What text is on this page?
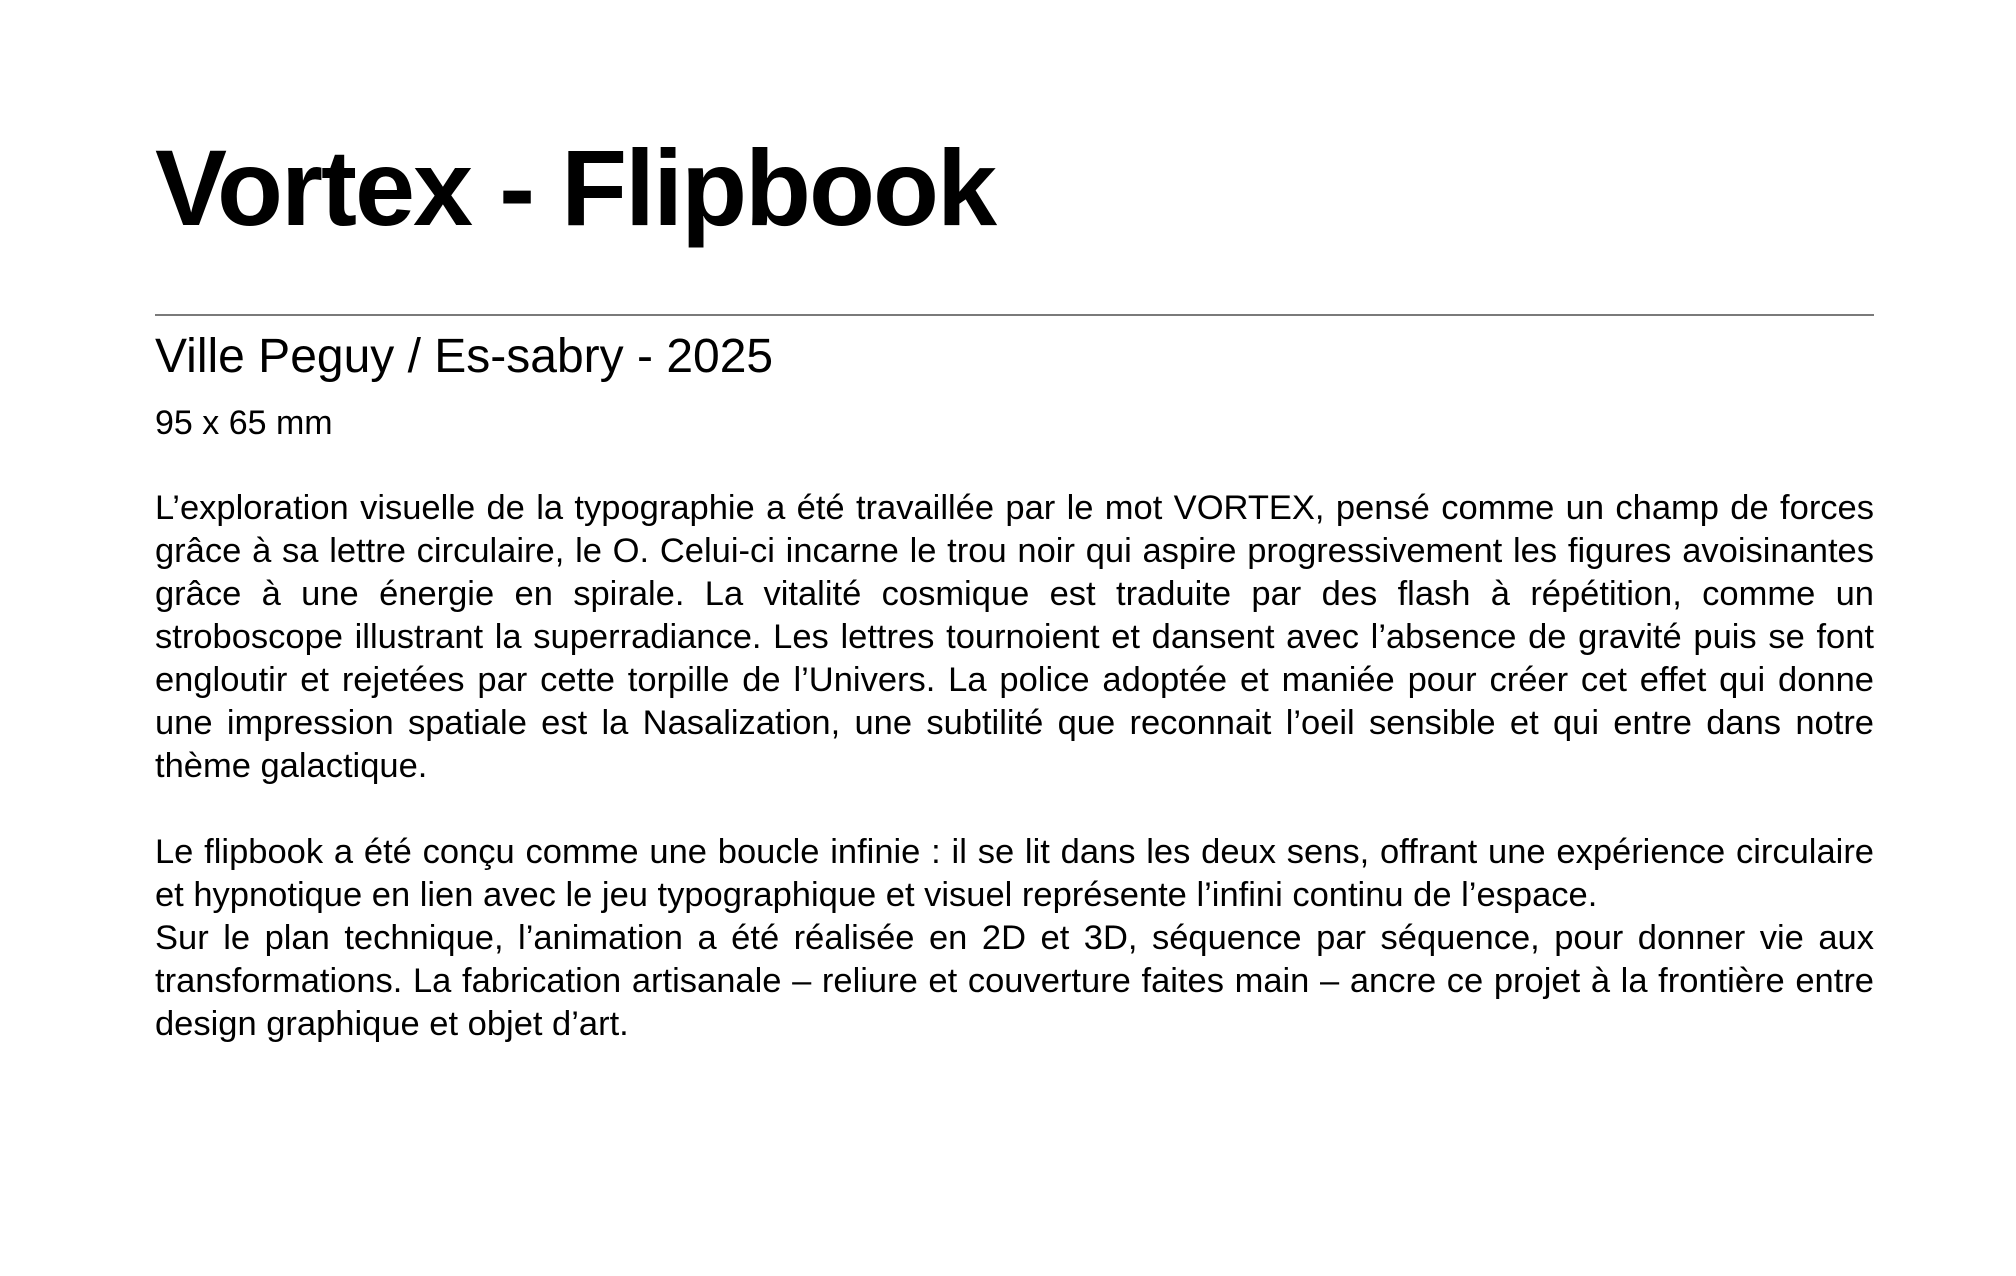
Vortex - Flipbook
Ville Peguy / Es-sabry - 2025
95 x 65 mm

L’exploration visuelle de la typographie a été travaillée par le mot VORTEX, pensé comme un champ de forces grâce à sa lettre circulaire, le O. Celui-ci incarne le trou noir qui aspire progressivement les figures avoisinantes grâce à une énergie en spirale. La vitalité cosmique est traduite par des flash à répétition, comme un stroboscope illustrant la superradiance. Les lettres tournoient et dansent avec l’absence de gravité puis se font engloutir et rejetées par cette torpille de l’Univers. La police adoptée et maniée pour créer cet effet qui donne une impression spatiale est la Nasalization, une subtilité que reconnait l’oeil sensible et qui entre dans notre thème galactique.

Le flipbook a été conçu comme une boucle infinie : il se lit dans les deux sens, offrant une expérience circulaire et hypnotique en lien avec le jeu typographique et visuel représente l’infini continu de l’espace.

Sur le plan technique, l’animation a été réalisée en 2D et 3D, séquence par séquence, pour donner vie aux transformations. La fabrication artisanale – reliure et couverture faites main – ancre ce projet à la frontière entre design graphique et objet d’art.
